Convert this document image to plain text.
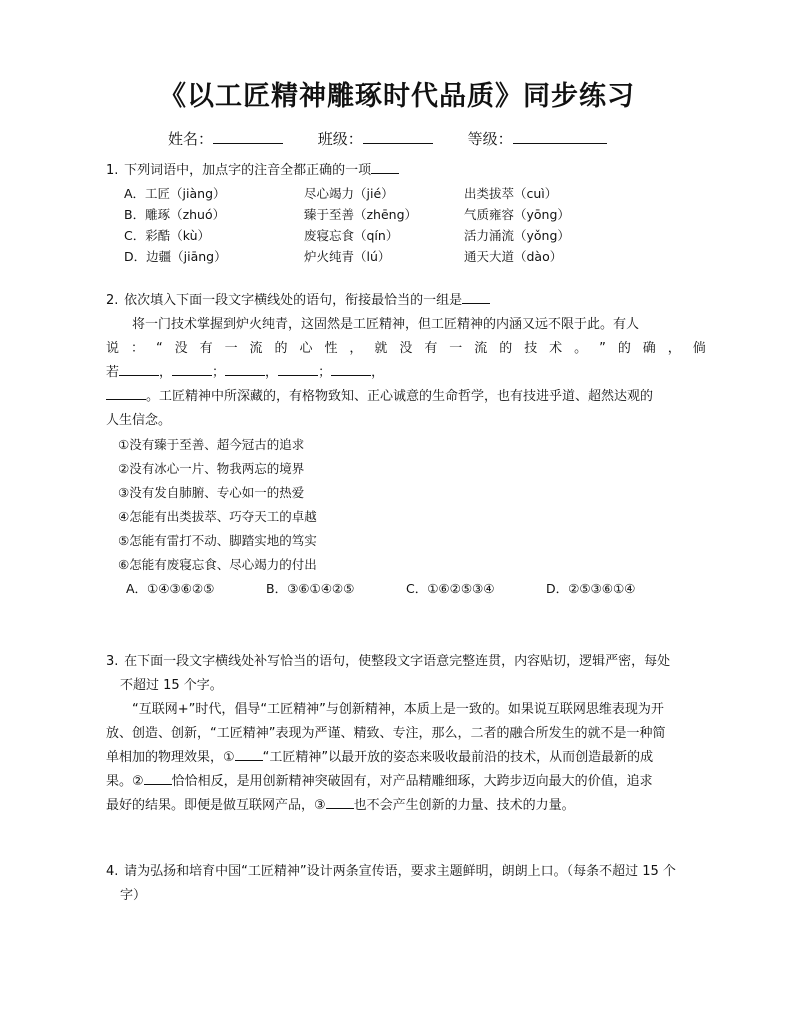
《以工匠精神雕琢时代品质》同步练习
姓名：	班级：	等级：

1. 下列词语中，加点字的注音全都正确的一项

A．工匠（jiàng）	尽心竭力（jié）	出类拔萃（cuì）
B．雕琢（zhuó）	臻于至善（zhēng）	气质雍容（yōng）
C．彩酷（kù）	废寝忘食（qín）	活力涌流（yǒng）
D．边疆（jiāng）	炉火纯青（lú）	通天大道（dào）

2. 依次填入下面一段文字横线处的语句，衔接最恰当的一组是

将一门技术掌握到炉火纯青，这固然是工匠精神，但工匠精神的内涵又远不限于此。有人

说 ： “ 没 有 一 流 的 心 性 ， 就 没 有 一 流 的 技 术 。 ” 的 确 ， 倘
若	，	；	，	；	，
。工匠精神中所深藏的，有格物致知、正心诚意的生命哲学，也有技进乎道、超然达观的
人生信念。
①没有臻于至善、超今冠古的追求
②没有冰心一片、物我两忘的境界
③没有发自肺腑、专心如一的热爱
④怎能有出类拔萃、巧夺天工的卓越
⑤怎能有雷打不动、脚踏实地的笃实
⑥怎能有废寝忘食、尽心竭力的付出
A．①④③⑥②⑤	B．③⑥①④②⑤	C．①⑥②⑤③④	D．②⑤③⑥①④

3. 在下面一段文字横线处补写恰当的语句，使整段文字语意完整连贯，内容贴切，逻辑严密，每处

不超过 15 个字。

“互联网+”时代，倡导“工匠精神”与创新精神，本质上是一致的。如果说互联网思维表现为开

放、创造、创新，“工匠精神”表现为严谨、精致、专注，那么，二者的融合所发生的就不是一种简
单相加的物理效果，① “工匠精神”以最开放的姿态来吸收最前沿的技术，从而创造最新的成
果。② 恰恰相反，是用创新精神突破固有，对产品精雕细琢，大跨步迈向最大的价值，追求
最好的结果。即便是做互联网产品，③ 也不会产生创新的力量、技术的力量。

4. 请为弘扬和培育中国“工匠精神”设计两条宣传语，要求主题鲜明，朗朗上口。（每条不超过 15 个

字）
